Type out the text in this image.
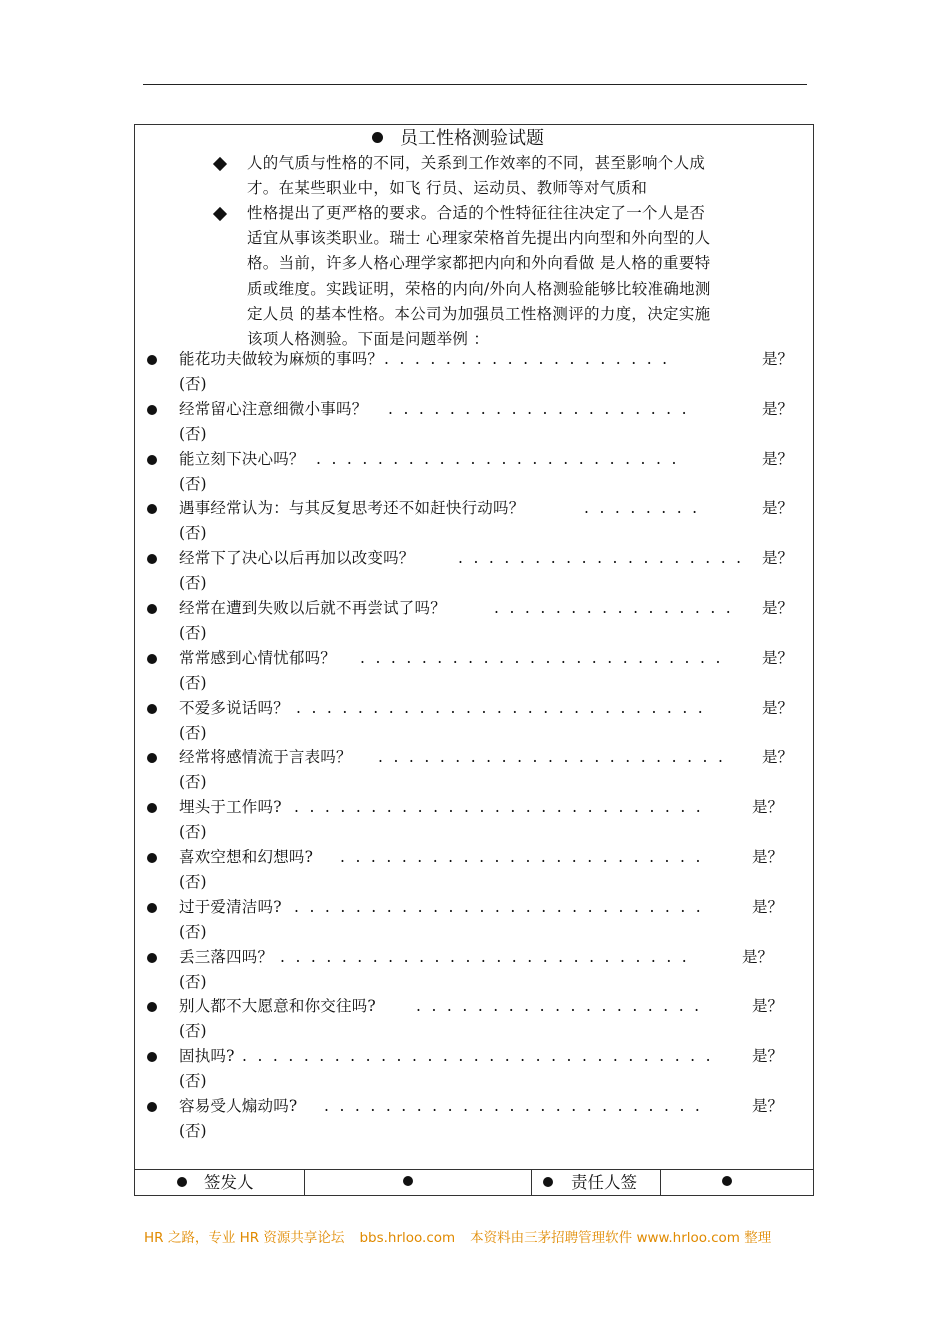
员工性格测验试题
人的气质与性格的不同，关系到工作效率的不同，甚至影响个人成
才。在某些职业中，如飞 行员、运动员、教师等对气质和
性格提出了更严格的要求。合适的个性特征往往决定了一个人是否
适宜从事该类职业。瑞士 心理家荣格首先提出内向型和外向型的人
格。当前，许多人格心理学家都把内向和外向看做 是人格的重要特
质或维度。实践证明，荣格的内向/外向人格测验能够比较准确地测
定人员 的基本性格。本公司为加强员工性格测评的力度，决定实施
该项人格测验。下面是问题举例 ：
能花功夫做较为麻烦的事吗？ . . . . . . . . . . . . . . . . . . .	是？
(否)
经常留心注意细微小事吗？ . . . . . . . . . . . . . . . . . . . .	是？
(否)
能立刻下决心吗？ . . . . . . . . . . . . . . . . . . . . . . . .	是？
(否)
遇事经常认为：与其反复思考还不如赶快行动吗？	. . . . . . . .	是？
(否)
经常下了决心以后再加以改变吗？	. . . . . . . . . . . . . . . . . . . 是？
(否)
经常在遭到失败以后就不再尝试了吗？	. . . . . . . . . . . . . . . . 是？
(否)
常常感到心情忧郁吗？ . . . . . . . . . . . . . . . . . . . . . . . .	是？
(否)
不爱多说话吗？ . . . . . . . . . . . . . . . . . . . . . . . . . . .	是？
(否)
经常将感情流于言表吗？ . . . . . . . . . . . . . . . . . . . . . . . 是？
(否)
埋头于工作吗? . . . . . . . . . . . . . . . . . . . . . . . . . . .	是？
(否)
喜欢空想和幻想吗? . . . . . . . . . . . . . . . . . . . . . . . .	是？
(否)
过于爱清洁吗? . . . . . . . . . . . . . . . . . . . . . . . . . . .	是？
(否)
丢三落四吗？ . . . . . . . . . . . . . . . . . . . . . . . . . . .	是？
(否)
别人都不大愿意和你交往吗?	. . . . . . . . . . . . . . . . . . .	是？
(否)
固执吗? . . . . . . . . . . . . . . . . . . . . . . . . . . . . . . . 是？
(否)
容易受人煽动吗? . . . . . . . . . . . . . . . . . . . . . . . . .	是？
(否)
签发人	责任人签
HR 之路，专业 HR 资源共享论坛 bbs.hrloo.com 本资料由三茅招聘管理软件 www.hrloo.com 整理
